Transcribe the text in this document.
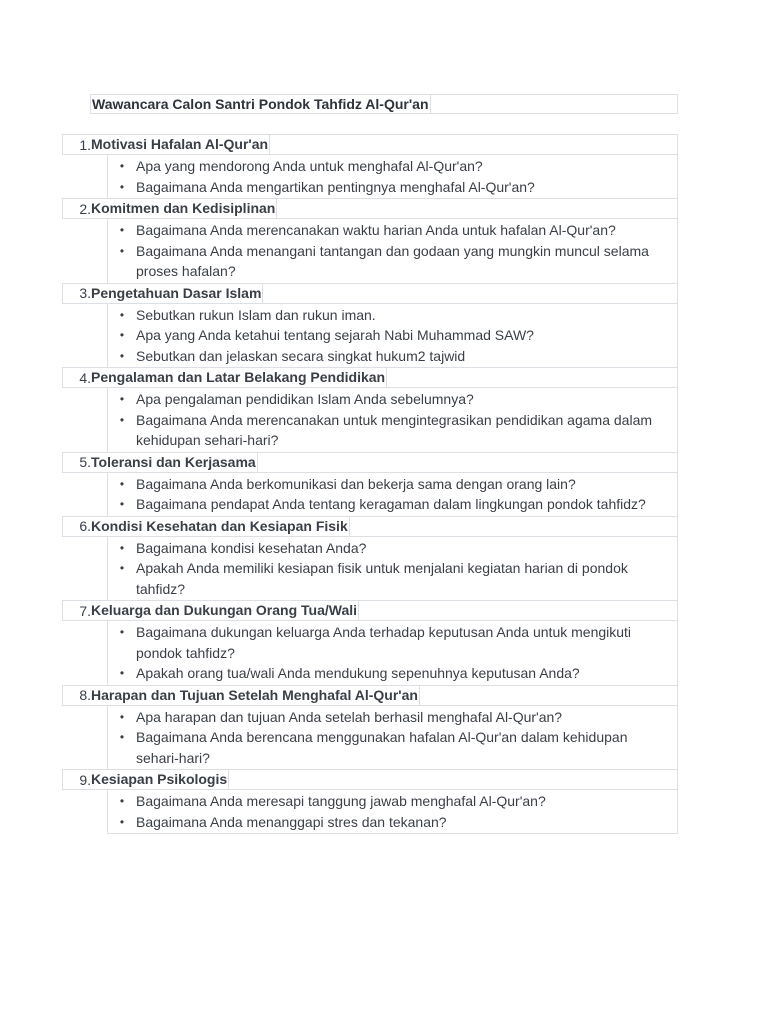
Wawancara Calon Santri Pondok Tahfidz Al-Qur'an
1. Motivasi Hafalan Al-Qur'an
• Apa yang mendorong Anda untuk menghafal Al-Qur'an?
• Bagaimana Anda mengartikan pentingnya menghafal Al-Qur'an?
2. Komitmen dan Kedisiplinan
• Bagaimana Anda merencanakan waktu harian Anda untuk hafalan Al-Qur'an?
• Bagaimana Anda menangani tantangan dan godaan yang mungkin muncul selama proses hafalan?
3. Pengetahuan Dasar Islam
• Sebutkan rukun Islam dan rukun iman.
• Apa yang Anda ketahui tentang sejarah Nabi Muhammad SAW?
• Sebutkan dan jelaskan secara singkat hukum2 tajwid
4. Pengalaman dan Latar Belakang Pendidikan
• Apa pengalaman pendidikan Islam Anda sebelumnya?
• Bagaimana Anda merencanakan untuk mengintegrasikan pendidikan agama dalam kehidupan sehari-hari?
5. Toleransi dan Kerjasama
• Bagaimana Anda berkomunikasi dan bekerja sama dengan orang lain?
• Bagaimana pendapat Anda tentang keragaman dalam lingkungan pondok tahfidz?
6. Kondisi Kesehatan dan Kesiapan Fisik
• Bagaimana kondisi kesehatan Anda?
• Apakah Anda memiliki kesiapan fisik untuk menjalani kegiatan harian di pondok tahfidz?
7. Keluarga dan Dukungan Orang Tua/Wali
• Bagaimana dukungan keluarga Anda terhadap keputusan Anda untuk mengikuti pondok tahfidz?
• Apakah orang tua/wali Anda mendukung sepenuhnya keputusan Anda?
8. Harapan dan Tujuan Setelah Menghafal Al-Qur'an
• Apa harapan dan tujuan Anda setelah berhasil menghafal Al-Qur'an?
• Bagaimana Anda berencana menggunakan hafalan Al-Qur'an dalam kehidupan sehari-hari?
9. Kesiapan Psikologis
• Bagaimana Anda meresapi tanggung jawab menghafal Al-Qur'an?
• Bagaimana Anda menanggapi stres dan tekanan?
